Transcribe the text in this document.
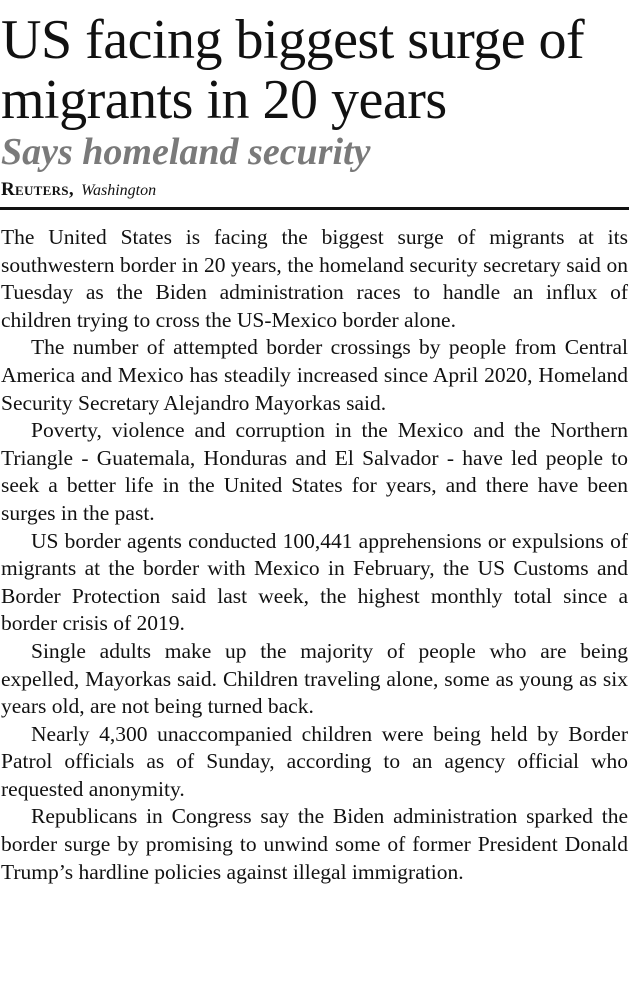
US facing biggest surge of migrants in 20 years
Says homeland security
Reuters, Washington

The United States is facing the biggest surge of migrants at its southwestern border in 20 years, the homeland security secretary said on Tuesday as the Biden administration races to handle an influx of children trying to cross the US-Mexico border alone.

The number of attempted border crossings by people from Central America and Mexico has steadily increased since April 2020, Homeland Security Secretary Alejandro Mayorkas said.

Poverty, violence and corruption in the Mexico and the Northern Triangle - Guatemala, Honduras and El Salvador - have led people to seek a better life in the United States for years, and there have been surges in the past.

US border agents conducted 100,441 apprehensions or expulsions of migrants at the border with Mexico in February, the US Customs and Border Protection said last week, the highest monthly total since a border crisis of 2019.

Single adults make up the majority of people who are being expelled, Mayorkas said. Children traveling alone, some as young as six years old, are not being turned back.

Nearly 4,300 unaccompanied children were being held by Border Patrol officials as of Sunday, according to an agency official who requested anonymity.

Republicans in Congress say the Biden administration sparked the border surge by promising to unwind some of former President Donald Trump’s hardline policies against illegal immigration.
